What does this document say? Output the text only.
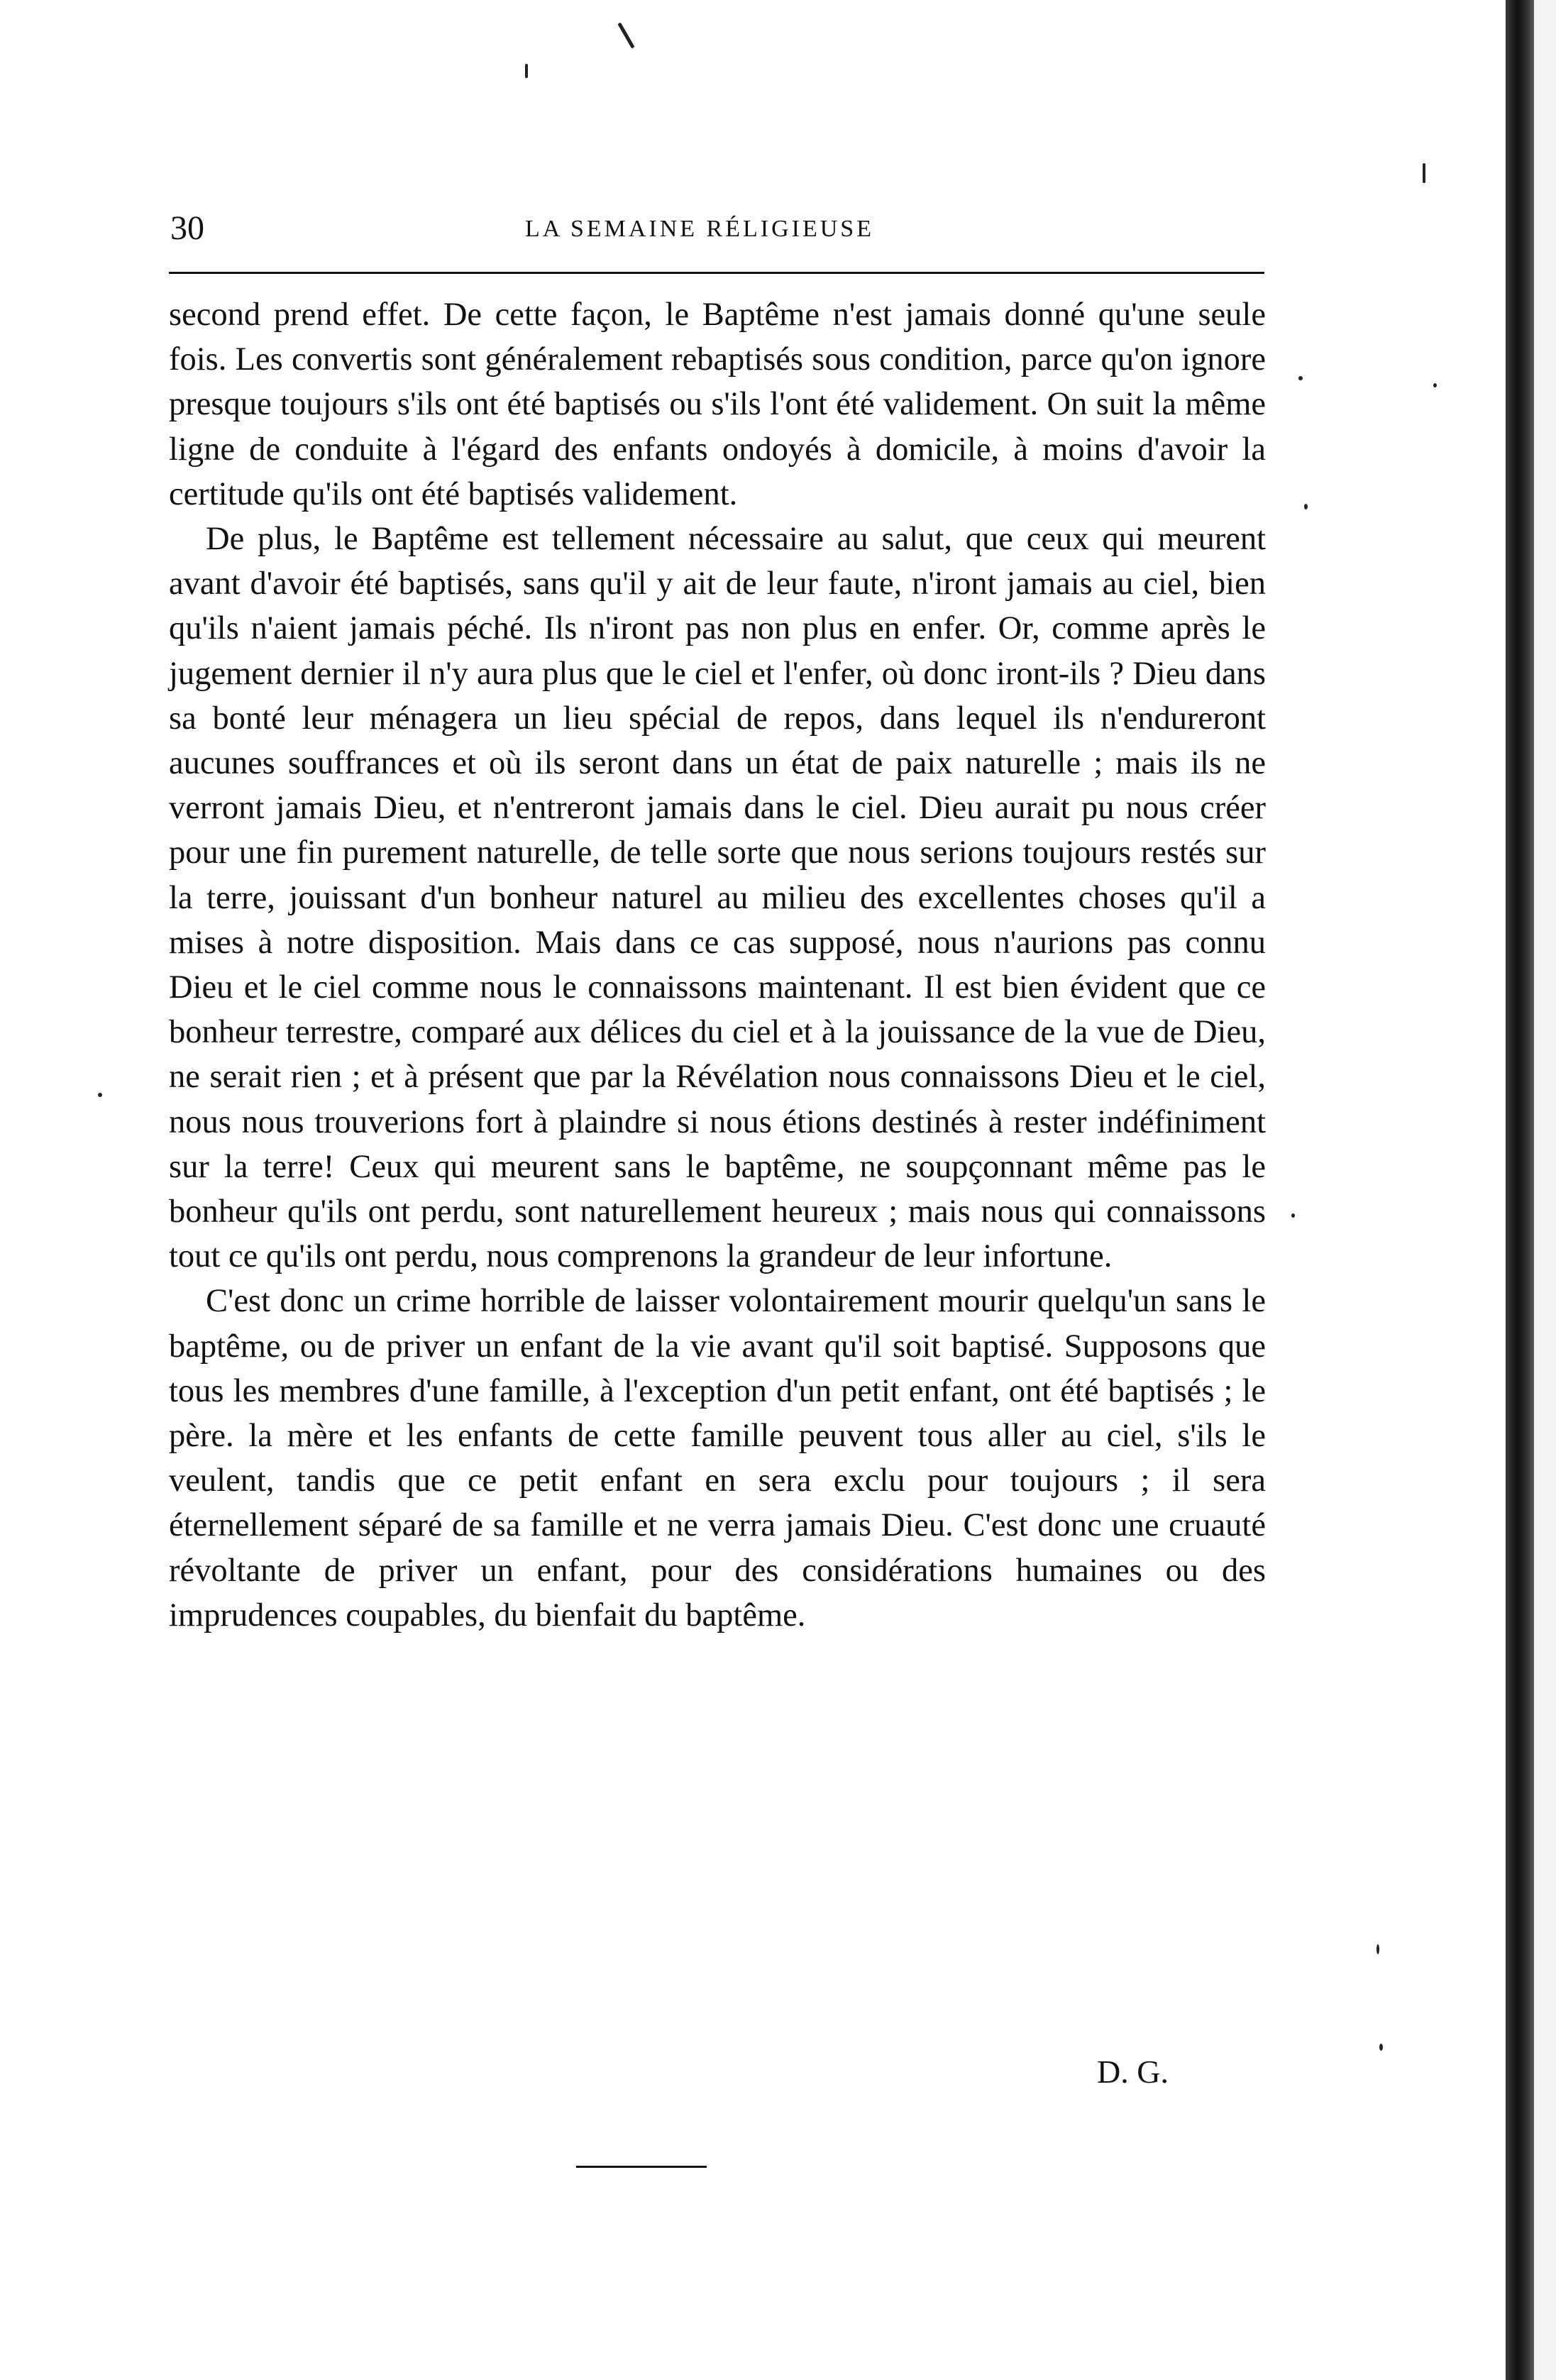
30	LA SEMAINE RÉLIGIEUSE

second prend effet. De cette façon, le Baptême n'est jamais donné qu'une seule fois. Les convertis sont généralement rebaptisés sous condition, parce qu'on ignore presque toujours s'ils ont été baptisés ou s'ils l'ont été validement. On suit la même ligne de conduite à l'égard des enfants ondoyés à domicile, à moins d'avoir la certitude qu'ils ont été baptisés validement.

De plus, le Baptême est tellement nécessaire au salut, que ceux qui meurent avant d'avoir été baptisés, sans qu'il y ait de leur faute, n'iront jamais au ciel, bien qu'ils n'aient jamais péché. Ils n'iront pas non plus en enfer. Or, comme après le jugement dernier il n'y aura plus que le ciel et l'enfer, où donc iront-ils ? Dieu dans sa bonté leur ménagera un lieu spécial de repos, dans lequel ils n'endureront aucunes souffrances et où ils seront dans un état de paix naturelle ; mais ils ne verront jamais Dieu, et n'entreront jamais dans le ciel. Dieu aurait pu nous créer pour une fin purement naturelle, de telle sorte que nous serions toujours restés sur la terre, jouissant d'un bonheur naturel au milieu des excellentes choses qu'il a mises à notre disposition. Mais dans ce cas supposé, nous n'aurions pas connu Dieu et le ciel comme nous le connaissons maintenant. Il est bien évident que ce bonheur terrestre, comparé aux délices du ciel et à la jouissance de la vue de Dieu, ne serait rien ; et à présent que par la Révélation nous connaissons Dieu et le ciel, nous nous trouverions fort à plaindre si nous étions destinés à rester indéfiniment sur la terre! Ceux qui meurent sans le baptême, ne soupçonnant même pas le bonheur qu'ils ont perdu, sont naturellement heureux ; mais nous qui connaissons tout ce qu'ils ont perdu, nous comprenons la grandeur de leur infortune.

C'est donc un crime horrible de laisser volontairement mourir quelqu'un sans le baptême, ou de priver un enfant de la vie avant qu'il soit baptisé. Supposons que tous les membres d'une famille, à l'exception d'un petit enfant, ont été baptisés ; le père. la mère et les enfants de cette famille peuvent tous aller au ciel, s'ils le veulent, tandis que ce petit enfant en sera exclu pour toujours ; il sera éternellement séparé de sa famille et ne verra jamais Dieu. C'est donc une cruauté révoltante de priver un enfant, pour des considérations humaines ou des imprudences coupables, du bienfait du baptême.

D. G.
